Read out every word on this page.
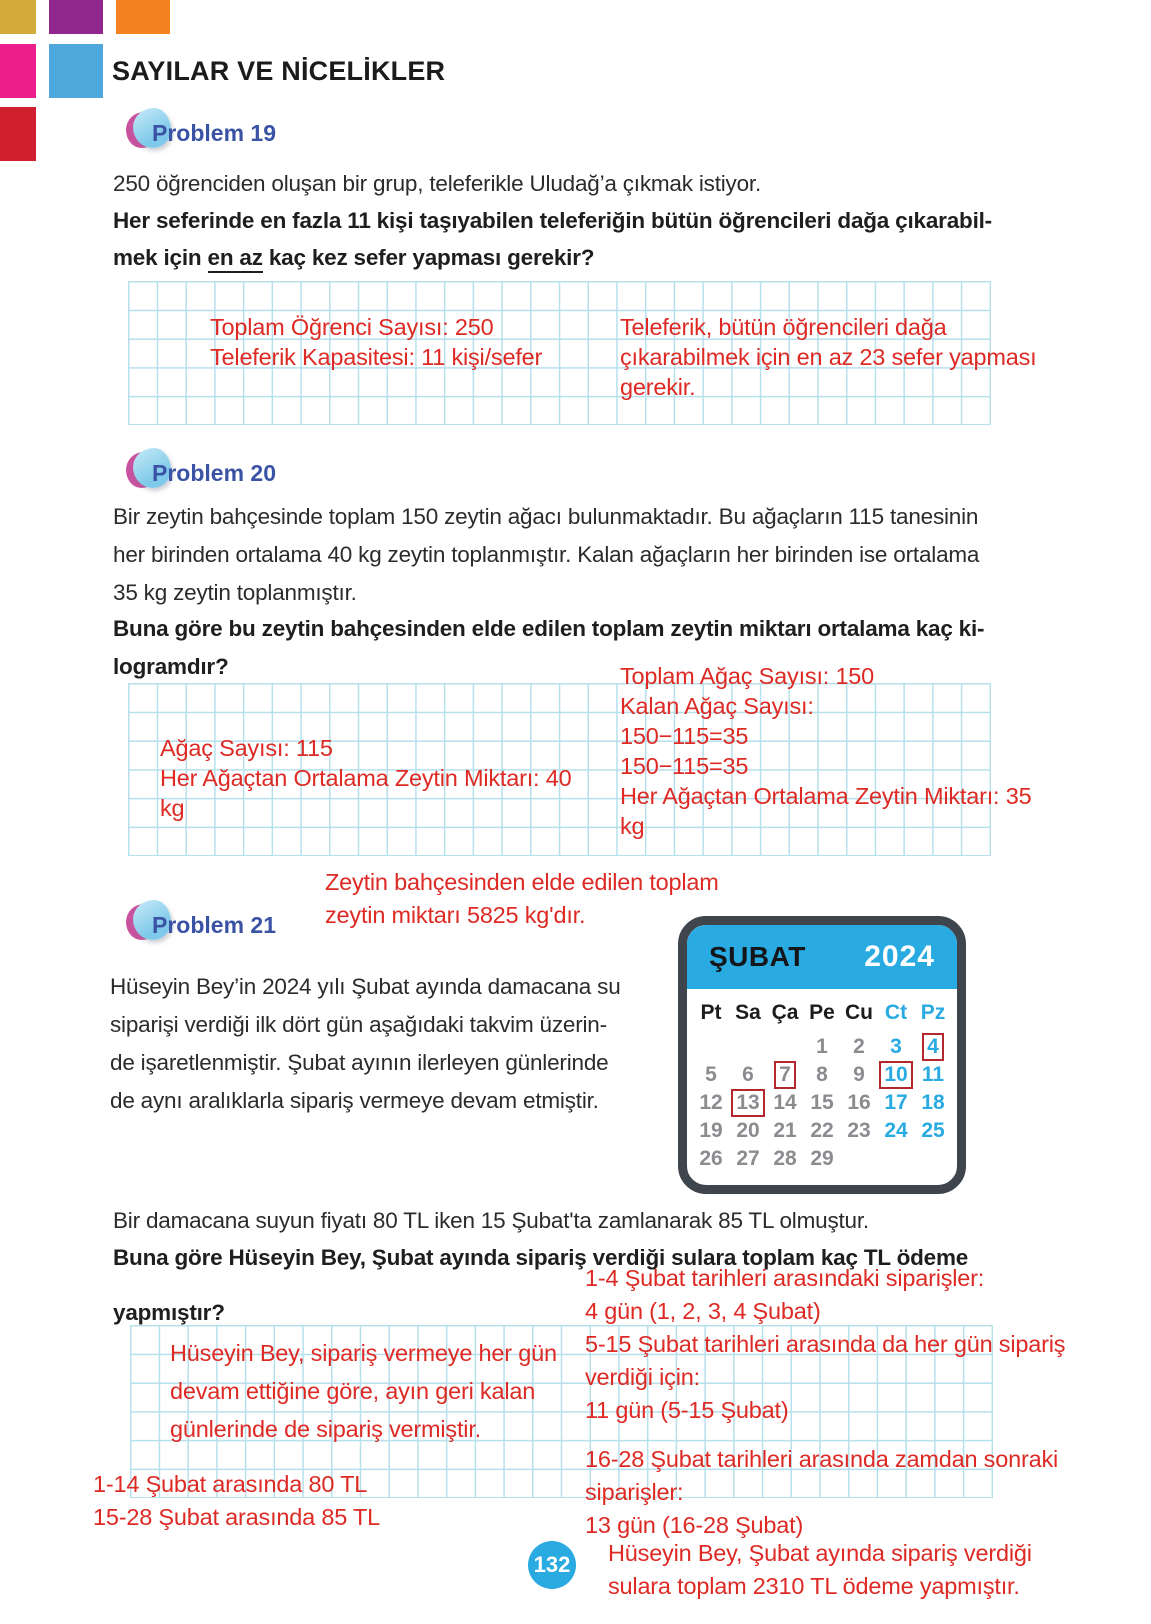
SAYILAR VE NİCELİKLER
Problem 19
250 öğrenciden oluşan bir grup, teleferikle Uludağ’a çıkmak istiyor.
Her seferinde en fazla 11 kişi taşıyabilen teleferiğin bütün öğrencileri dağa çıkarabil-
mek için en az kaç kez sefer yapması gerekir?
Toplam Öğrenci Sayısı: 250
Teleferik Kapasitesi: 11 kişi/sefer
Teleferik, bütün öğrencileri dağa
çıkarabilmek için en az 23 sefer yapması
gerekir.
Problem 20
Bir zeytin bahçesinde toplam 150 zeytin ağacı bulunmaktadır. Bu ağaçların 115 tanesinin
her birinden ortalama 40 kg zeytin toplanmıştır. Kalan ağaçların her birinden ise ortalama
35 kg zeytin toplanmıştır.
Buna göre bu zeytin bahçesinden elde edilen toplam zeytin miktarı ortalama kaç ki-
logramdır?
Ağaç Sayısı: 115
Her Ağaçtan Ortalama Zeytin Miktarı: 40
kg
Toplam Ağaç Sayısı: 150
Kalan Ağaç Sayısı:
150−115=35
150−115=35
Her Ağaçtan Ortalama Zeytin Miktarı: 35
kg
Zeytin bahçesinden elde edilen toplam
zeytin miktarı 5825 kg'dır.
Problem 21
Hüseyin Bey’in 2024 yılı Şubat ayında damacana su
siparişi verdiği ilk dört gün aşağıdaki takvim üzerin-
de işaretlenmiştir. Şubat ayının ilerleyen günlerinde
de aynı aralıklarla sipariş vermeye devam etmiştir.
ŞUBAT 2024
Pt Sa Ça Pe Cu Ct Pz
1 2 3 4
5 6 7 8 9 10 11
12 13 14 15 16 17 18
19 20 21 22 23 24 25
26 27 28 29
Bir damacana suyun fiyatı 80 TL iken 15 Şubat'ta zamlanarak 85 TL olmuştur.
Buna göre Hüseyin Bey, Şubat ayında sipariş verdiği sulara toplam kaç TL ödeme
yapmıştır?
Hüseyin Bey, sipariş vermeye her gün
devam ettiğine göre, ayın geri kalan
günlerinde de sipariş vermiştir.
1-14 Şubat arasında 80 TL
15-28 Şubat arasında 85 TL
1-4 Şubat tarihleri arasındaki siparişler:
4 gün (1, 2, 3, 4 Şubat)
5-15 Şubat tarihleri arasında da her gün sipariş
verdiği için:
11 gün (5-15 Şubat)
16-28 Şubat tarihleri arasında zamdan sonraki
siparişler:
13 gün (16-28 Şubat)
132 Hüseyin Bey, Şubat ayında sipariş verdiği
sulara toplam 2310 TL ödeme yapmıştır.
